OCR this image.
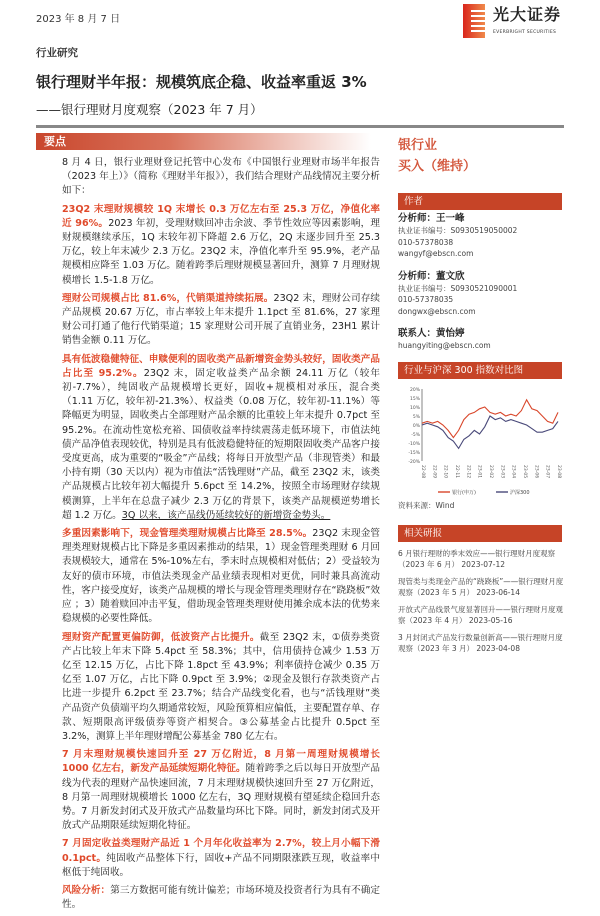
2023 年 8 月 7 日	光大证券
EVERBRIGHT SECURITIES
行业研究
银行理财半年报：规模筑底企稳、收益率重返 3%
——银行理财月度观察（2023 年 7 月）
要点

8 月 4 日，银行业理财登记托管中心发布《中国银行业理财市场半年报告（2023 年上）》（简称《理财半年报》），我们结合理财产品线情况主要分析如下：

23Q2 末理财规模较 1Q 末增长 0.3 万亿左右至 25.3 万亿，净值化率近 96%。2023 年初，受理财赎回冲击余波、季节性效应等因素影响，理财规模继续承压，1Q 末较年初下降超 2.6 万亿，2Q 末逐步回升至 25.3 万亿，较上年末减少 2.3 万亿。23Q2 末，净值化率升至 95.9%，老产品规模相应降至 1.03 万亿。随着跨季后理财规模显著回升，测算 7 月理财规模增长 1.5-1.8 万亿。

理财公司规模占比 81.6%，代销渠道持续拓展。23Q2 末，理财公司存续产品规模 20.67 万亿，市占率较上年末提升 1.1pct 至 81.6%，27 家理财公司打通了他行代销渠道；15 家理财公司开展了直销业务，23H1 累计销售金额 0.11 万亿。

具有低波稳健特征、申赎便利的固收类产品新增资金势头较好，固收类产品占比至 95.2%。23Q2 末，固定收益类产品余额 24.11 万亿（较年初-7.7%），纯固收产品规模增长更好，固收+规模相对承压，混合类（1.11 万亿，较年初-21.3%）、权益类（0.08 万亿，较年初-11.1%）等降幅更为明显，固收类占全部理财产品余额的比重较上年末提升 0.7pct 至 95.2%。在流动性宽松充裕、国债收益率持续震荡走低环境下，市值法纯债产品净值表现较优，特别是具有低波稳健特征的短期限固收类产品客户接受度更高，成为重要的“吸金”产品线；将每日开放型产品（非现管类）和最小持有期（30 天以内）视为市值法“活钱理财”产品，截至 23Q2 末，该类产品规模占比较年初大幅提升 5.6pct 至 14.2%，按照全市场理财存续规模测算，上半年在总盘子减少 2.3 万亿的背景下，该类产品规模逆势增长超 1.2 万亿。3Q 以来，该产品线仍延续较好的新增资金势头。

多重因素影响下，现金管理类理财规模占比降至 28.5%。23Q2 末现金管理类理财规模占比下降是多重因素推动的结果，1）现金管理类理财 6 月回表规模较大，通常在 5%-10%左右，季末时点规模相对低估；2）受益较为友好的债市环境，市值法类现金产品业绩表现相对更优，同时兼具高流动性，客户接受度好，该类产品规模的增长与现金管理类理财存在“跷跷板”效应 ；3）随着赎回冲击平复，借助现金管理类理财使用摊余成本法的优势来稳规模的必要性降低。

理财资产配置更偏防御，低波资产占比提升。截至 23Q2 末，①债券类资产占比较上年末下降 5.4pct 至 58.3%；其中，信用债持仓减少 1.53 万亿至 12.15 万亿，占比下降 1.8pct 至 43.9%；利率债持仓减少 0.35 万亿至 1.07 万亿，占比下降 0.9pct 至 3.9%；②现金及银行存款类资产占比进一步提升 6.2pct 至 23.7%；结合产品线变化看，也与“活钱理财”类产品资产负债端平均久期通常较短，风险预算相应偏低，主要配置存单、存款、短期限高评级债券等资产相契合。③公募基金占比提升 0.5pct 至 3.2%，测算上半年理财增配公募基金 780 亿左右。

7 月末理财规模快速回升至 27 万亿附近，8 月第一周理财规模增长 1000 亿左右，新发产品延续短期化特征。随着跨季之后以每日开放型产品线为代表的理财产品快速回流，7 月末理财规模快速回升至 27 万亿附近，8 月第一周理财规模增长 1000 亿左右，3Q 理财规模有望延续企稳回升态势。7 月新发封闭式及开放式产品数量均环比下降。同时，新发封闭式及开放式产品期限延续短期化特征。

7 月固定收益类理财产品近 1 个月年化收益率为 2.7%，较上月小幅下滑 0.1pct。纯固收产品整体下行，固收+产品不同期限涨跌互现，收益率中枢低于纯固收。

风险分析：第三方数据可能有统计偏差；市场环境及投资者行为具有不确定性。

银行业
买入（维持）
作者
分析师：王一峰
执业证书编号：S0930519050002
010-57378038
wangyf@ebscn.com
分析师：董文欣
执业证书编号：S0930521090001
010-57378035
dongwx@ebscn.com
联系人：黄怡婷
huangyiting@ebscn.com
行业与沪深 300 指数对比图
20%
15%
10%
5%
0%
-5%
-10%
-15%
-20%
22-08 22-09 22-10 22-11 22-12 23-01 23-02 23-03 23-04 23-05 23-06 23-07 23-08
银行(申万)	沪深300
资料来源：Wind
相关研报
6 月银行理财的季末效应——银行理财月度观察（2023 年 6 月） 2023-07-12
现管类与类现金产品的“跷跷板”——银行理财月度观察（2023 年 5 月） 2023-06-14
开放式产品线景气度显著回升——银行理财月度观察（2023 年 4 月） 2023-05-16
3 月封闭式产品发行数量创新高——银行理财月度观察（2023 年 3 月） 2023-04-08
